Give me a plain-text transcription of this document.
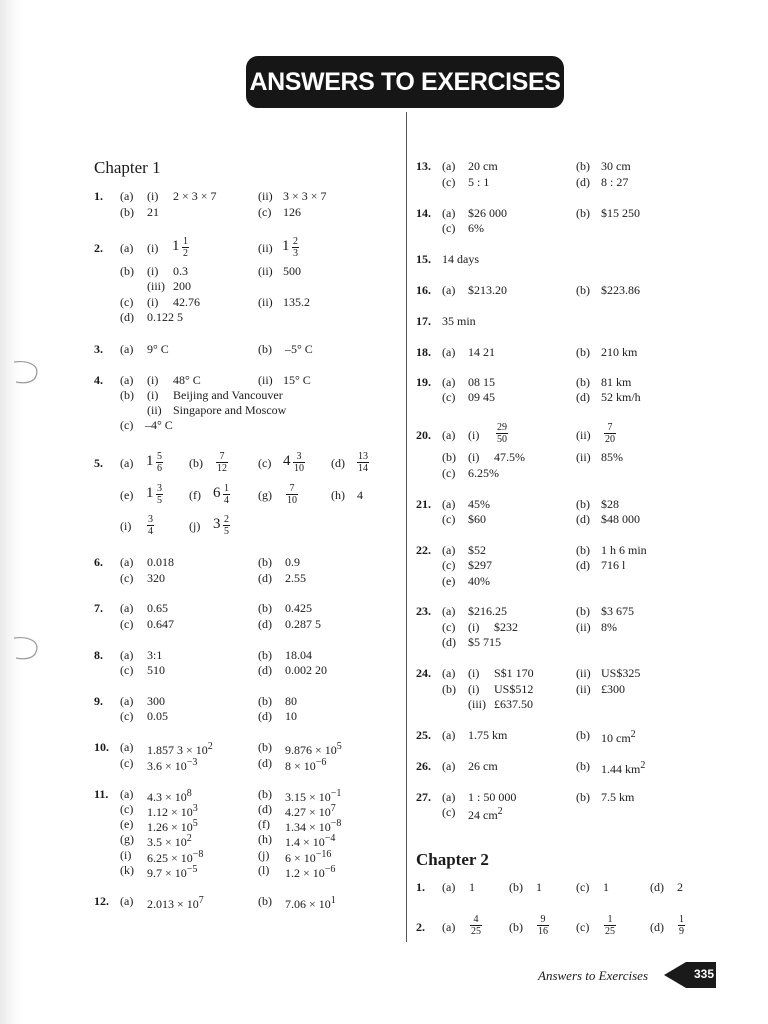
ANSWERS TO EXERCISES
Chapter 1
1. (a) (i) 2 × 3 × 7	(ii) 3 × 3 × 7
(b) 21	(c) 126
2. (a) (i) $1 \frac{1}{2}$	(ii) $1 \frac{2}{3}$
(b) (i) 0.3	(ii) 500
(iii) 200
(c) (i) 42.76	(ii) 135.2
(d) 0.122 5
3. (a) 9° C	(b) –5° C
4. (a) (i) 48° C	(ii) 15° C
(b) (i) Beijing and Vancouver
(ii) Singapore and Moscow
(c) –4° C
5. (a) $1 \frac{5}{6} (b) \frac{7}{12}$	(c) $4 \frac{3}{10} (d) \frac{13}{14}$
(e) $1 \frac{3}{5} (f)$ $6 \frac{1}{4} (g) \frac{7}{10}$	(h) 4
$(i) \frac{3}{4}$	(j) $3 \frac{2}{5}$
6. (a) 0.018	(b) 0.9
(c) 320	(d) 2.55
7. (a) 0.65	(b) 0.425
(c) 0.647	(d) 0.287 5
8. (a) 3:1	(b) 18.04
(c) 510	(d) 0.002 20
9. (a) 300	(b) 80
(c) 0.05	(d) 10
10. (a) 1.857 $3 \times 10^2$	(b) $9.876 \times 10^5$
(c) $3.6 \times 10^{-3}$	(d) $8 \times 10^{-6}$
11. (a) $4.3 \times 10^8$	(b) $3.15 \times 10^{-1}$
(c) $1.12 \times 10^3$	(d) $4.27 \times 10^7$
(e) $1.26 \times 10^5$	(f) $1.34 \times 10^{-8}$
(g) $3.5 \times 10^2$	(h) $1.4 \times 10^{-4}$
(i) $6.25 \times 10^{-8}$	(j) $6 \times 10^{-16}$
(k) $9.7 \times 10^{-5}$	(l) $1.2 \times 10^{-6}$
12. (a) $2.013 \times 10^7$	(b) $7.06 \times 10^1$
13. (a) 20 cm	(b) 30 cm
(c) 5 : 1	(d) 8 : 27
14. (a) $26 000	(b) $15 250
(c) 6%
15. 14 days
16. (a) $213.20	(b) $223.86
17. 35 min
18. (a) 14 21	(b) 210 km
19. (a) 08 15	(b) 81 km
(c) 09 45	(d) 52 km/h
20. (a) $(i) \frac{29}{50}$	$(ii) \frac{7}{20}$
(b) (i) 47.5%	(ii) 85%
(c) 6.25%
21. (a) 45%	(b) $28
(c) $60	(d) $48 000
22. (a) $52	(b) 1 h 6 min
(c) $297	(d) 716 l
(e) 40%
23. (a) $216.25	(b) $3 675
(c) (i) $232	(ii) 8%
(d) $5 715
24. (a) (i) S$1 170	(ii) US$325
(b) (i) US$512	(ii) £300
(iii) £637.50
25. (a) 1.75 km	(b) 10 $cm^2$
26. (a) 26 cm	(b) 1.44 $km^2$
27. (a) 1 : 50 000	(b) 7.5 km
(c) 24 $cm^2$
Chapter 2
1. (a) 1	(b) 1	(c) 1	(d) 2
2. $(a) \frac{4}{25} (b) \frac{9}{16} (c) \frac{1}{25}$	$(d) \frac{1}{9}$
Answers to Exercises	335
